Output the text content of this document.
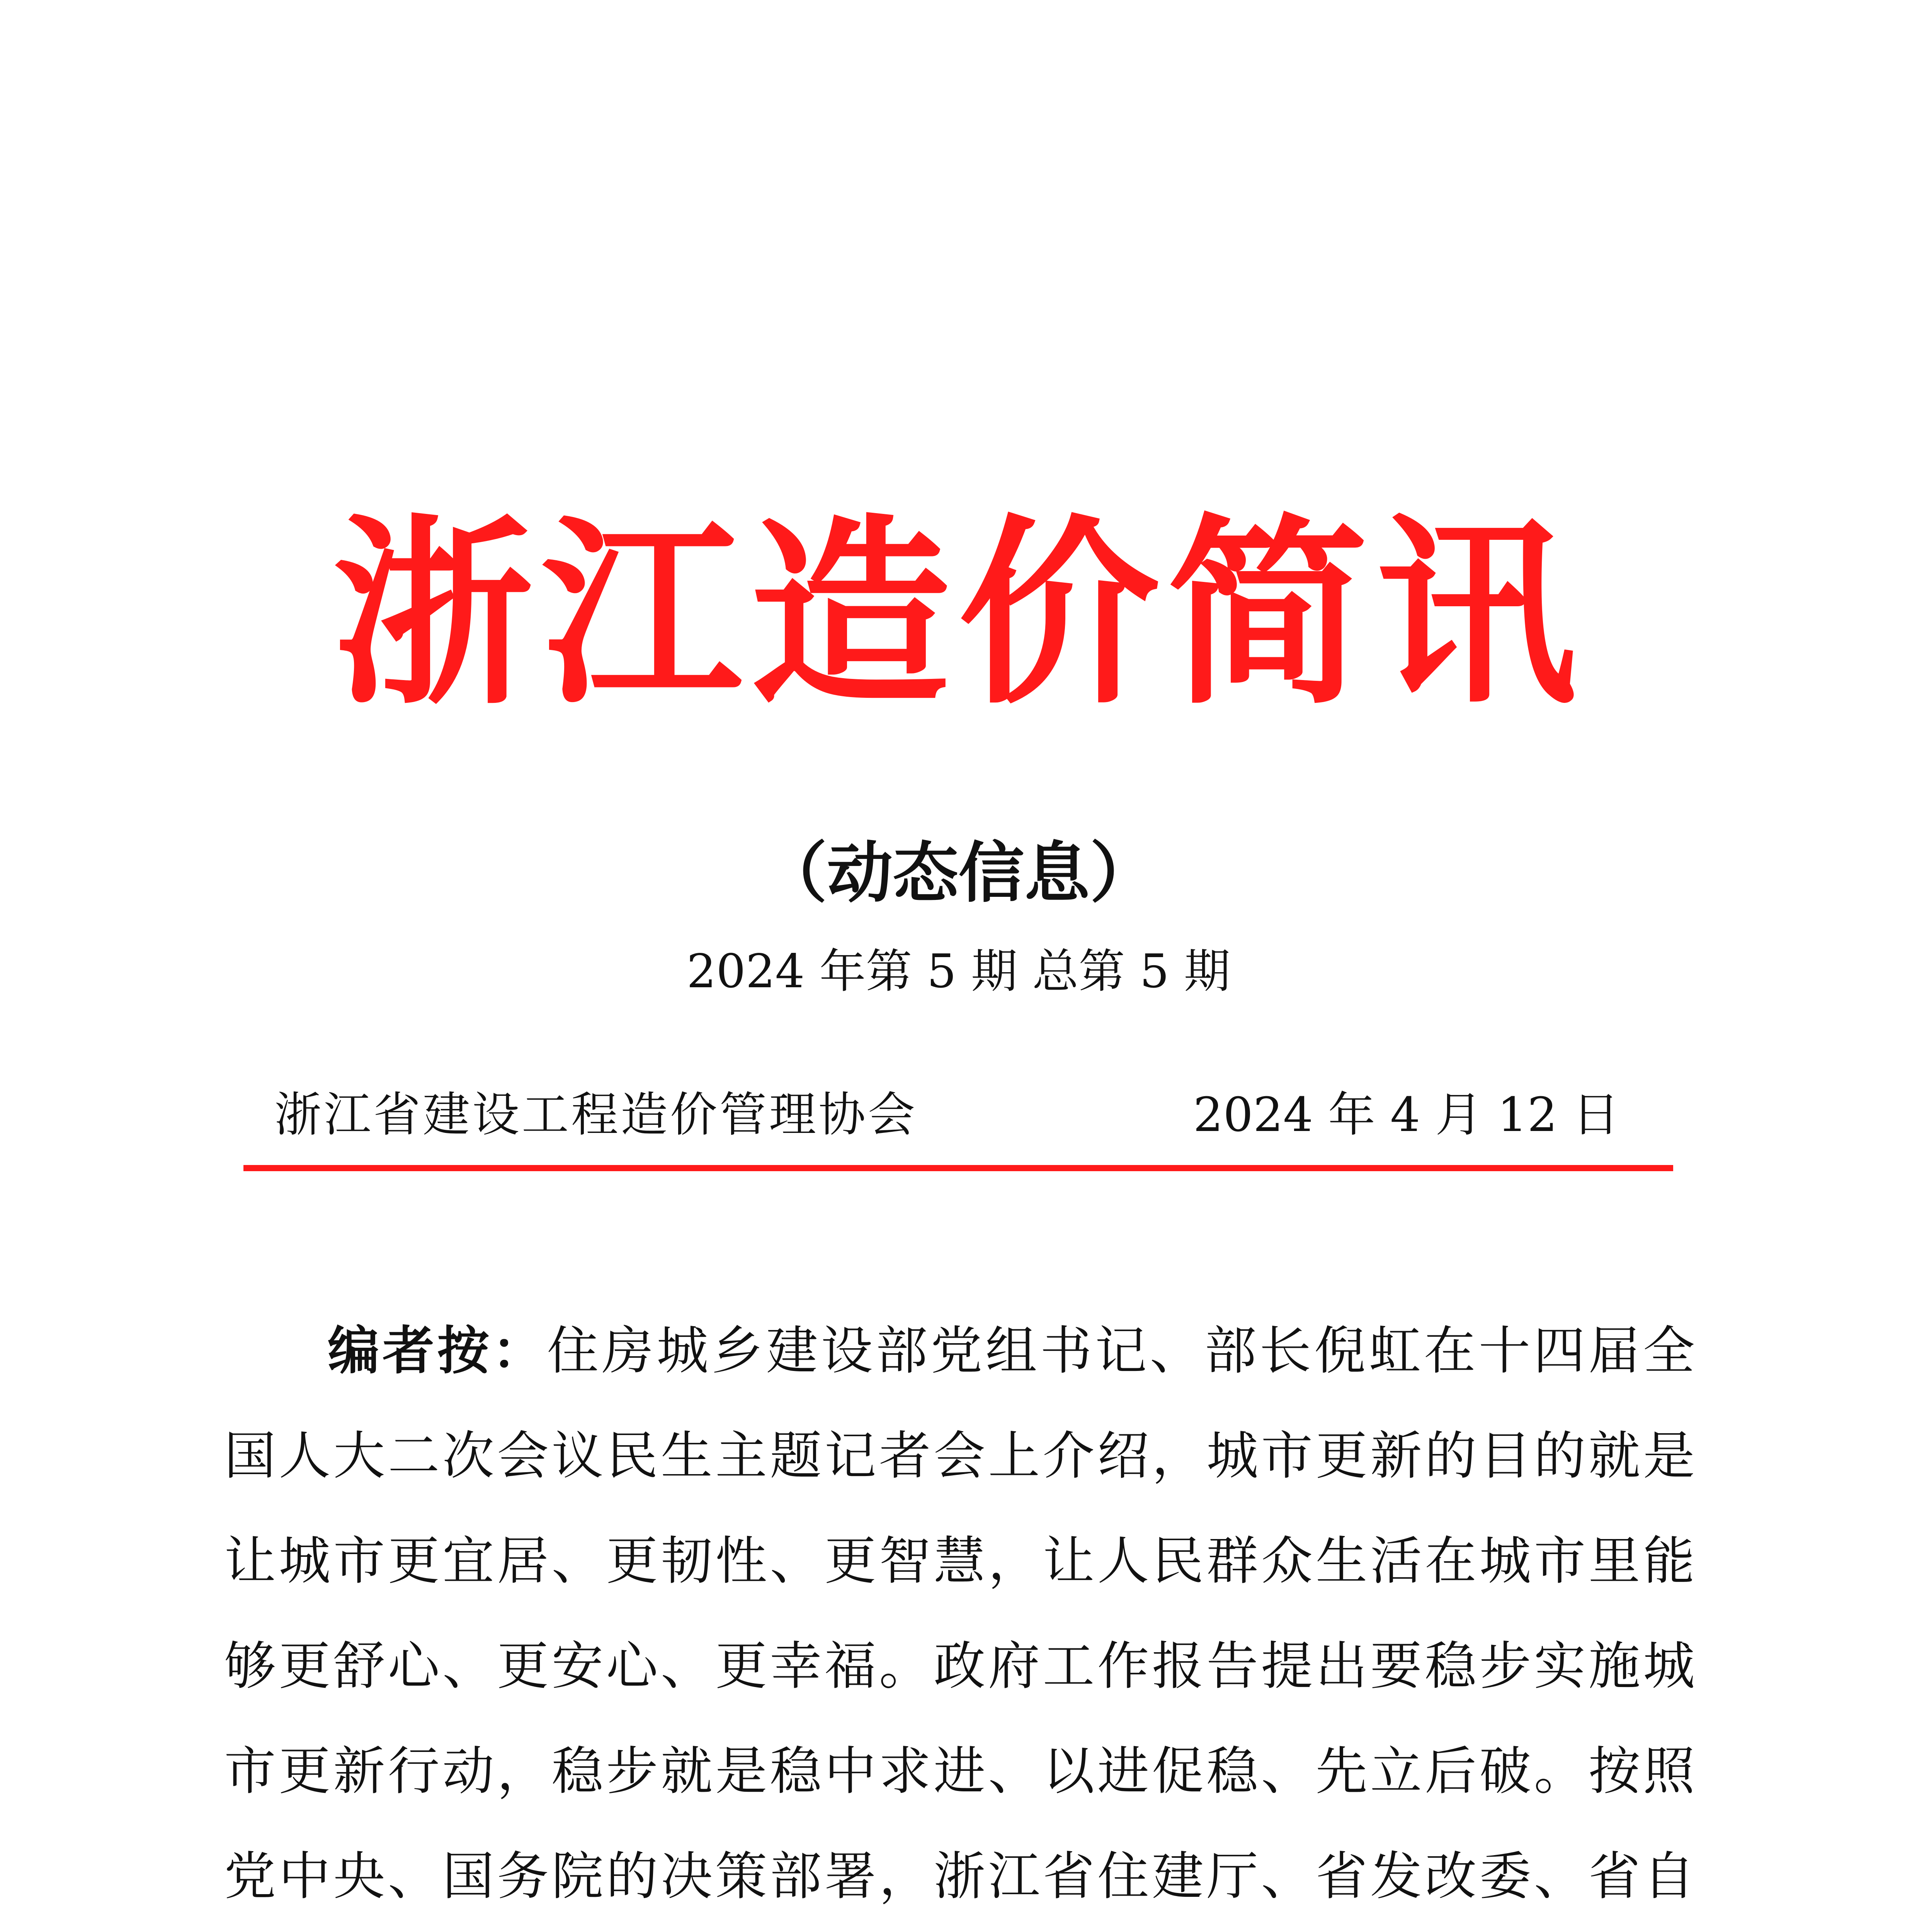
浙江造价简讯
（动态信息）
2024 年第 5 期 总第 5 期
浙江省建设工程造价管理协会	2024 年 4 月 12 日

编者按：住房城乡建设部党组书记、部长倪虹在十四届全国人大二次会议民生主题记者会上介绍，城市更新的目的就是让城市更宜居、更韧性、更智慧，让人民群众生活在城市里能够更舒心、更安心、更幸福。政府工作报告提出要稳步实施城市更新行动，稳步就是稳中求进、以进促稳、先立后破。按照党中央、国务院的决策部署，浙江省住建厅、省发改委、省自
